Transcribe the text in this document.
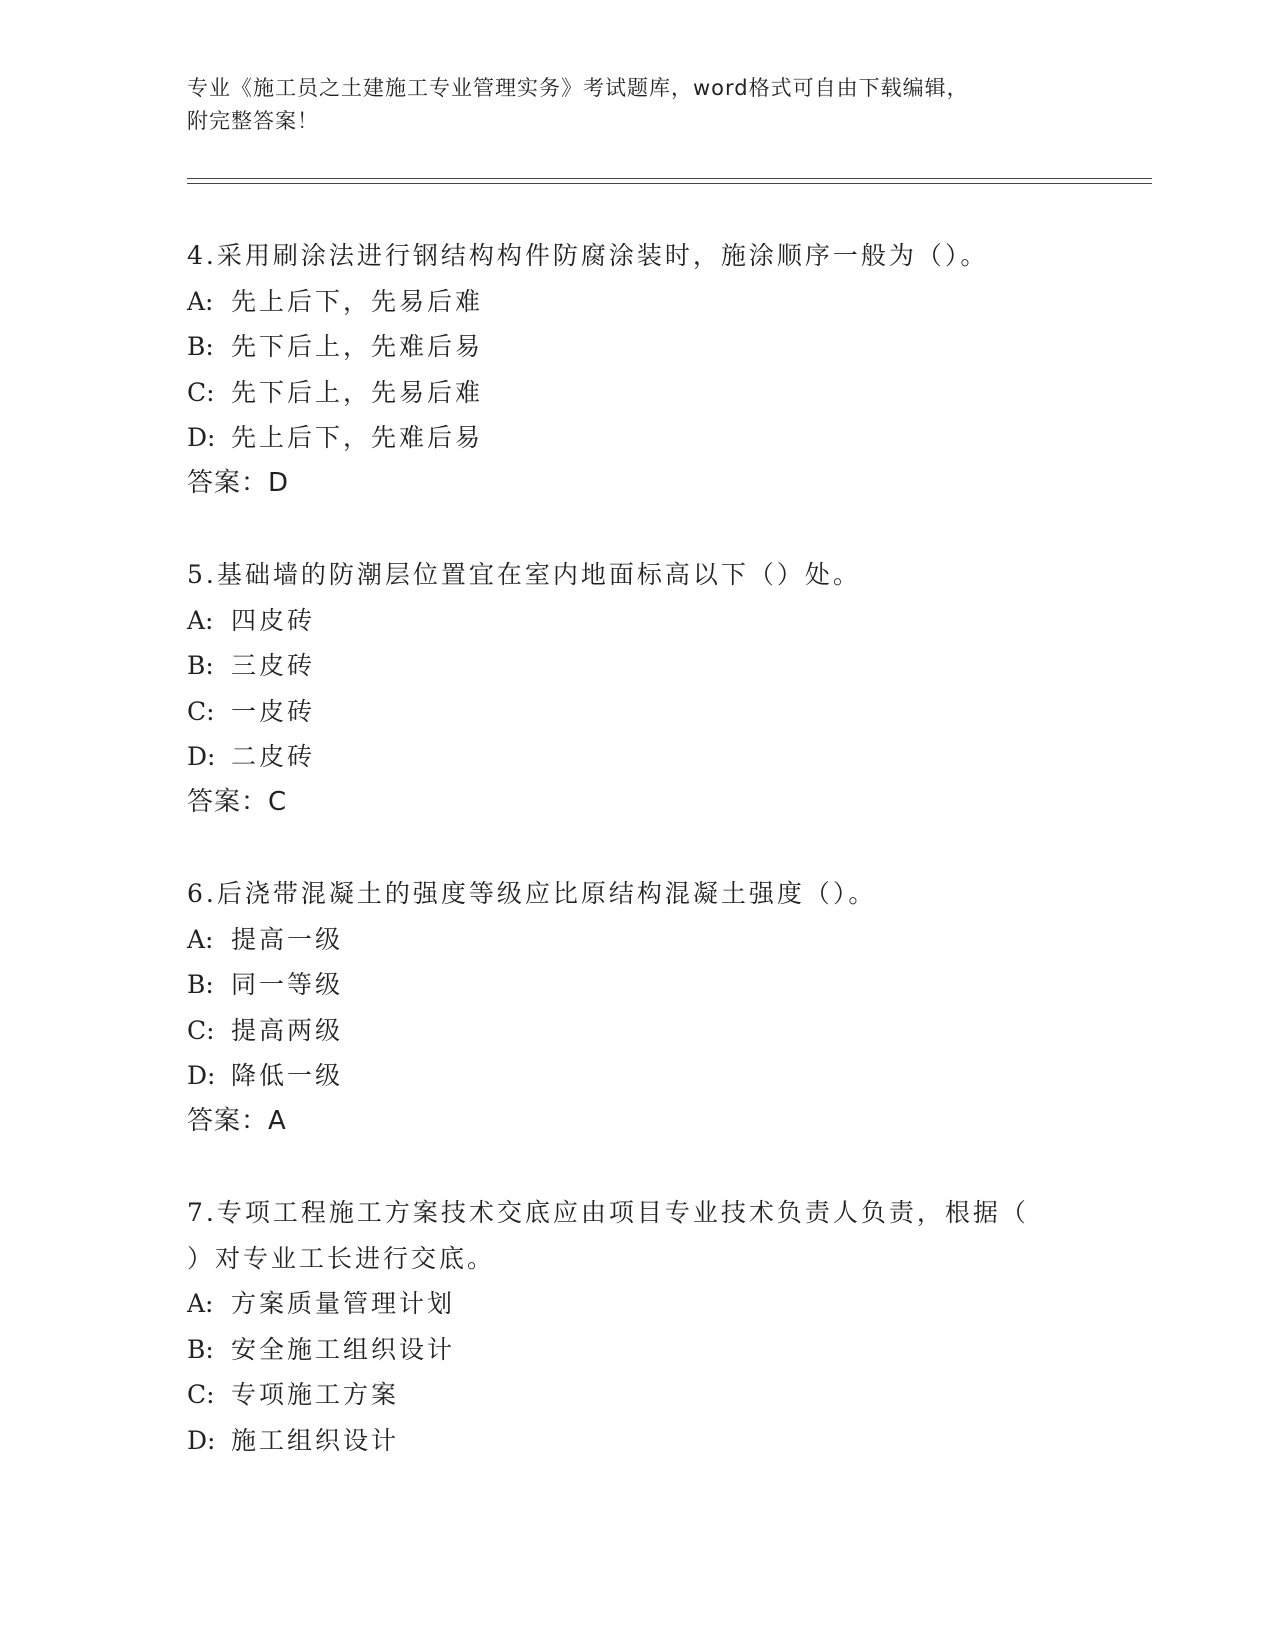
专业《施工员之土建施工专业管理实务》考试题库，word格式可自由下载编辑，
附完整答案！
4.采用刷涂法进行钢结构构件防腐涂装时，施涂顺序一般为（）。
A: 先上后下，先易后难
B: 先下后上，先难后易
C: 先下后上，先易后难
D: 先上后下，先难后易
答案：D
5.基础墙的防潮层位置宜在室内地面标高以下（）处。
A: 四皮砖
B: 三皮砖
C: 一皮砖
D: 二皮砖
答案：C
6.后浇带混凝土的强度等级应比原结构混凝土强度（）。
A: 提高一级
B: 同一等级
C: 提高两级
D: 降低一级
答案：A
7.专项工程施工方案技术交底应由项目专业技术负责人负责，根据（
）对专业工长进行交底。
A: 方案质量管理计划
B: 安全施工组织设计
C: 专项施工方案
D: 施工组织设计
